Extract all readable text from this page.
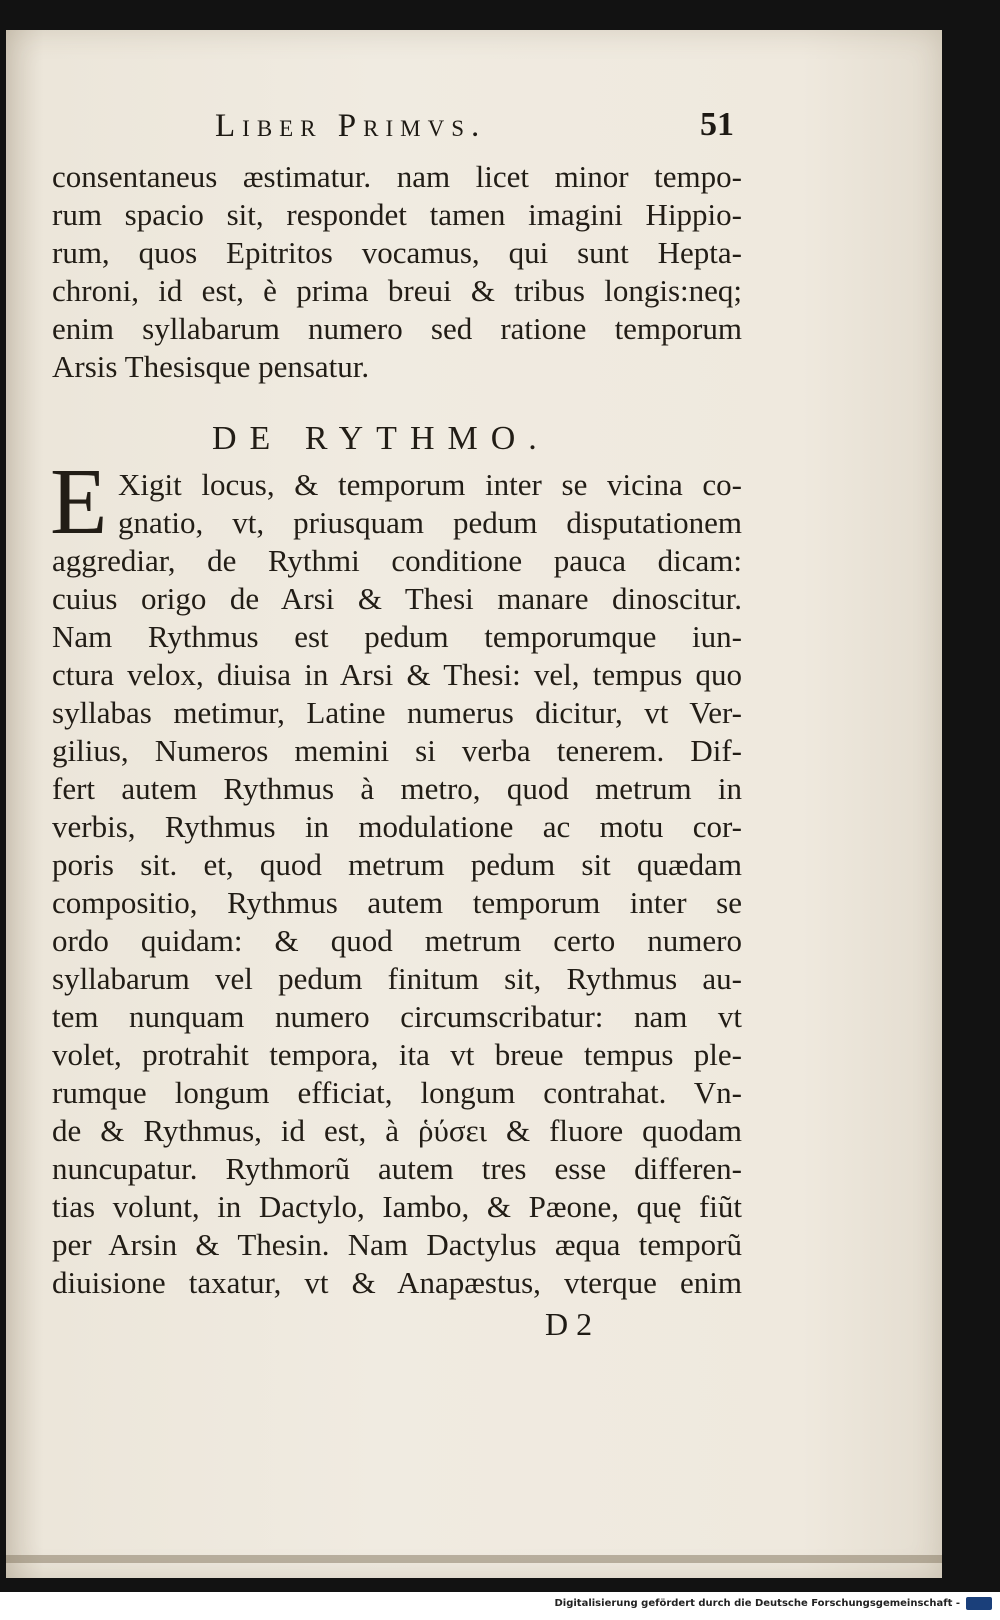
Liber Primvs.	51
consentaneus æstimatur. nam licet minor tempo-
rum spacio sit, respondet tamen imagini Hippio-
rum, quos Epitritos vocamus, qui sunt Hepta-
chroni, id est, è prima breui & tribus longis:neq;
enim syllabarum numero sed ratione temporum
Arsis Thesisque pensatur.
DE RYTHMO.
E Xigit locus, & temporum inter se vicina co-
gnatio, vt, priusquam pedum disputationem
aggrediar, de Rythmi conditione pauca dicam:
cuius origo de Arsi & Thesi manare dinoscitur.
Nam Rythmus est pedum temporumque iun-
ctura velox, diuisa in Arsi & Thesi: vel, tempus quo
syllabas metimur, Latine numerus dicitur, vt Ver-
gilius, Numeros memini si verba tenerem. Dif-
fert autem Rythmus à metro, quod metrum in
verbis, Rythmus in modulatione ac motu cor-
poris sit. et, quod metrum pedum sit quædam
compositio, Rythmus autem temporum inter se
ordo quidam: & quod metrum certo numero
syllabarum vel pedum finitum sit, Rythmus au-
tem nunquam numero circumscribatur: nam vt
volet, protrahit tempora, ita vt breue tempus ple-
rumque longum efficiat, longum contrahat. Vn-
de & Rythmus, id est, à ῥύσει & fluore quodam
nuncupatur. Rythmorũ autem tres esse differen-
tias volunt, in Dactylo, Iambo, & Pæone, quę fiũt
per Arsin & Thesin. Nam Dactylus æqua temporũ
diuisione taxatur, vt & Anapæstus, vterque enim
D 2
Digitalisierung gefördert durch die Deutsche Forschungsgemeinschaft -
